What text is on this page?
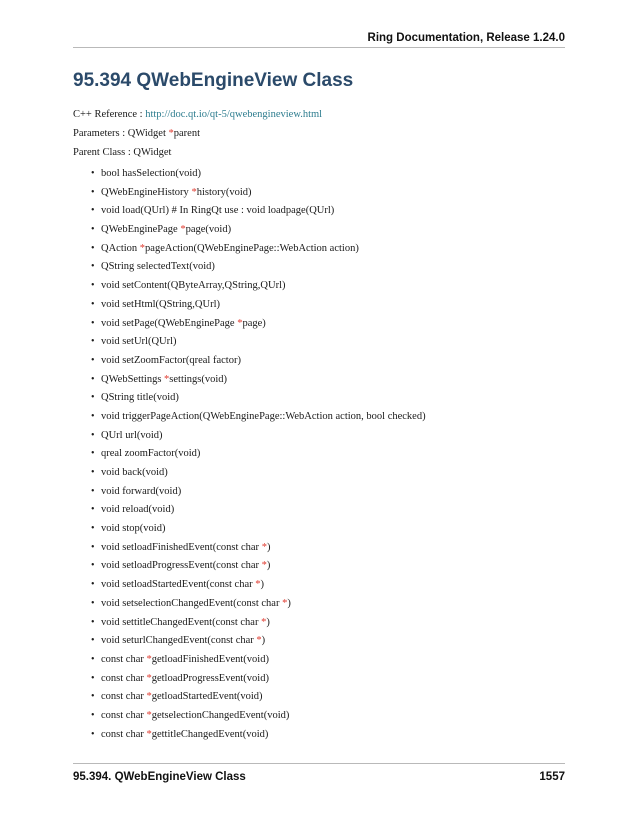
Ring Documentation, Release 1.24.0
95.394 QWebEngineView Class
C++ Reference : http://doc.qt.io/qt-5/qwebengineview.html
Parameters : QWidget *parent
Parent Class : QWidget
• bool hasSelection(void)
• QWebEngineHistory *history(void)
• void load(QUrl) # In RingQt use : void loadpage(QUrl)
• QWebEnginePage *page(void)
• QAction *pageAction(QWebEnginePage::WebAction action)
• QString selectedText(void)
• void setContent(QByteArray,QString,QUrl)
• void setHtml(QString,QUrl)
• void setPage(QWebEnginePage *page)
• void setUrl(QUrl)
• void setZoomFactor(qreal factor)
• QWebSettings *settings(void)
• QString title(void)
• void triggerPageAction(QWebEnginePage::WebAction action, bool checked)
• QUrl url(void)
• qreal zoomFactor(void)
• void back(void)
• void forward(void)
• void reload(void)
• void stop(void)
• void setloadFinishedEvent(const char *)
• void setloadProgressEvent(const char *)
• void setloadStartedEvent(const char *)
• void setselectionChangedEvent(const char *)
• void settitleChangedEvent(const char *)
• void seturlChangedEvent(const char *)
• const char *getloadFinishedEvent(void)
• const char *getloadProgressEvent(void)
• const char *getloadStartedEvent(void)
• const char *getselectionChangedEvent(void)
• const char *gettitleChangedEvent(void)
95.394. QWebEngineView Class	1557
